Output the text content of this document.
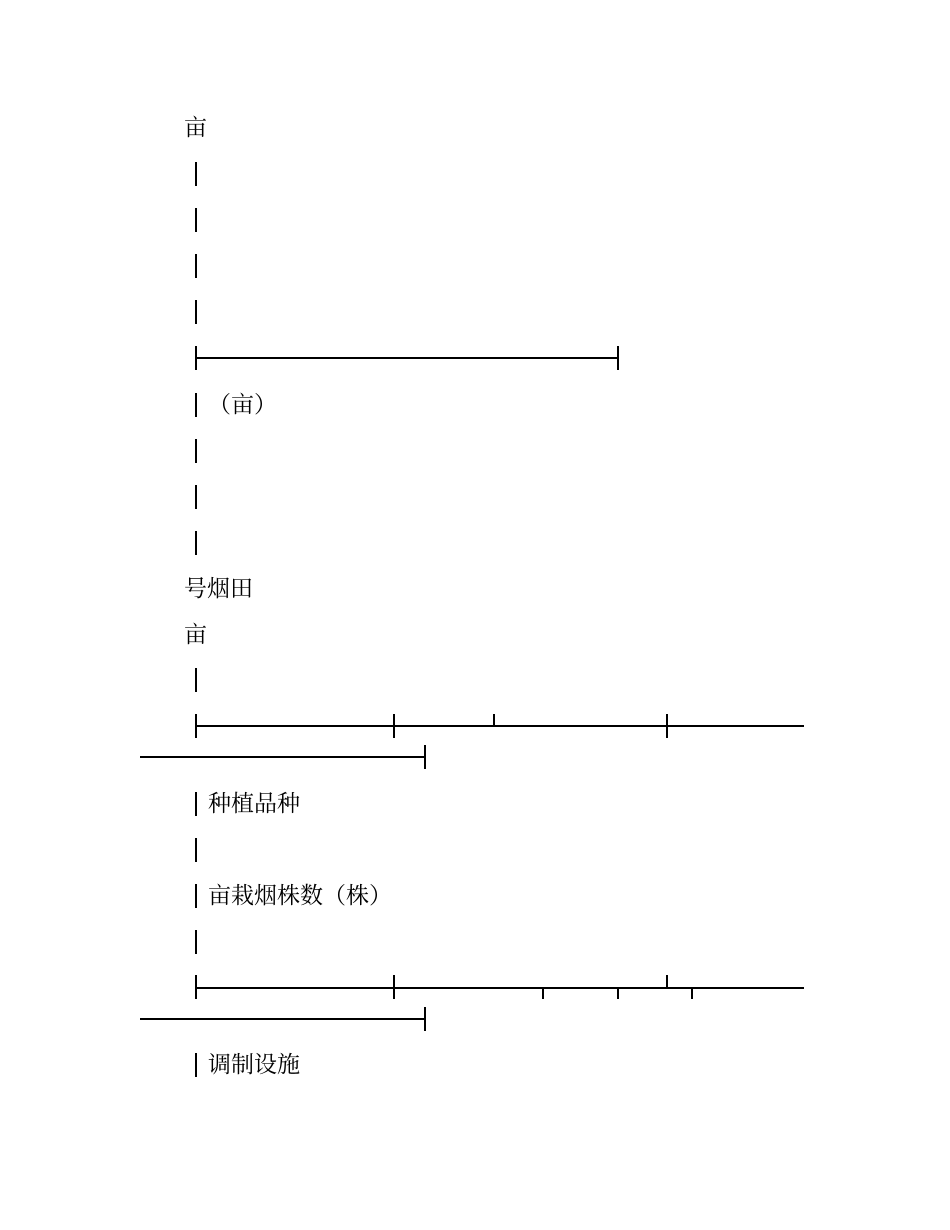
亩
（亩）
号烟田
亩
种植品种
亩栽烟株数（株）
调制设施
